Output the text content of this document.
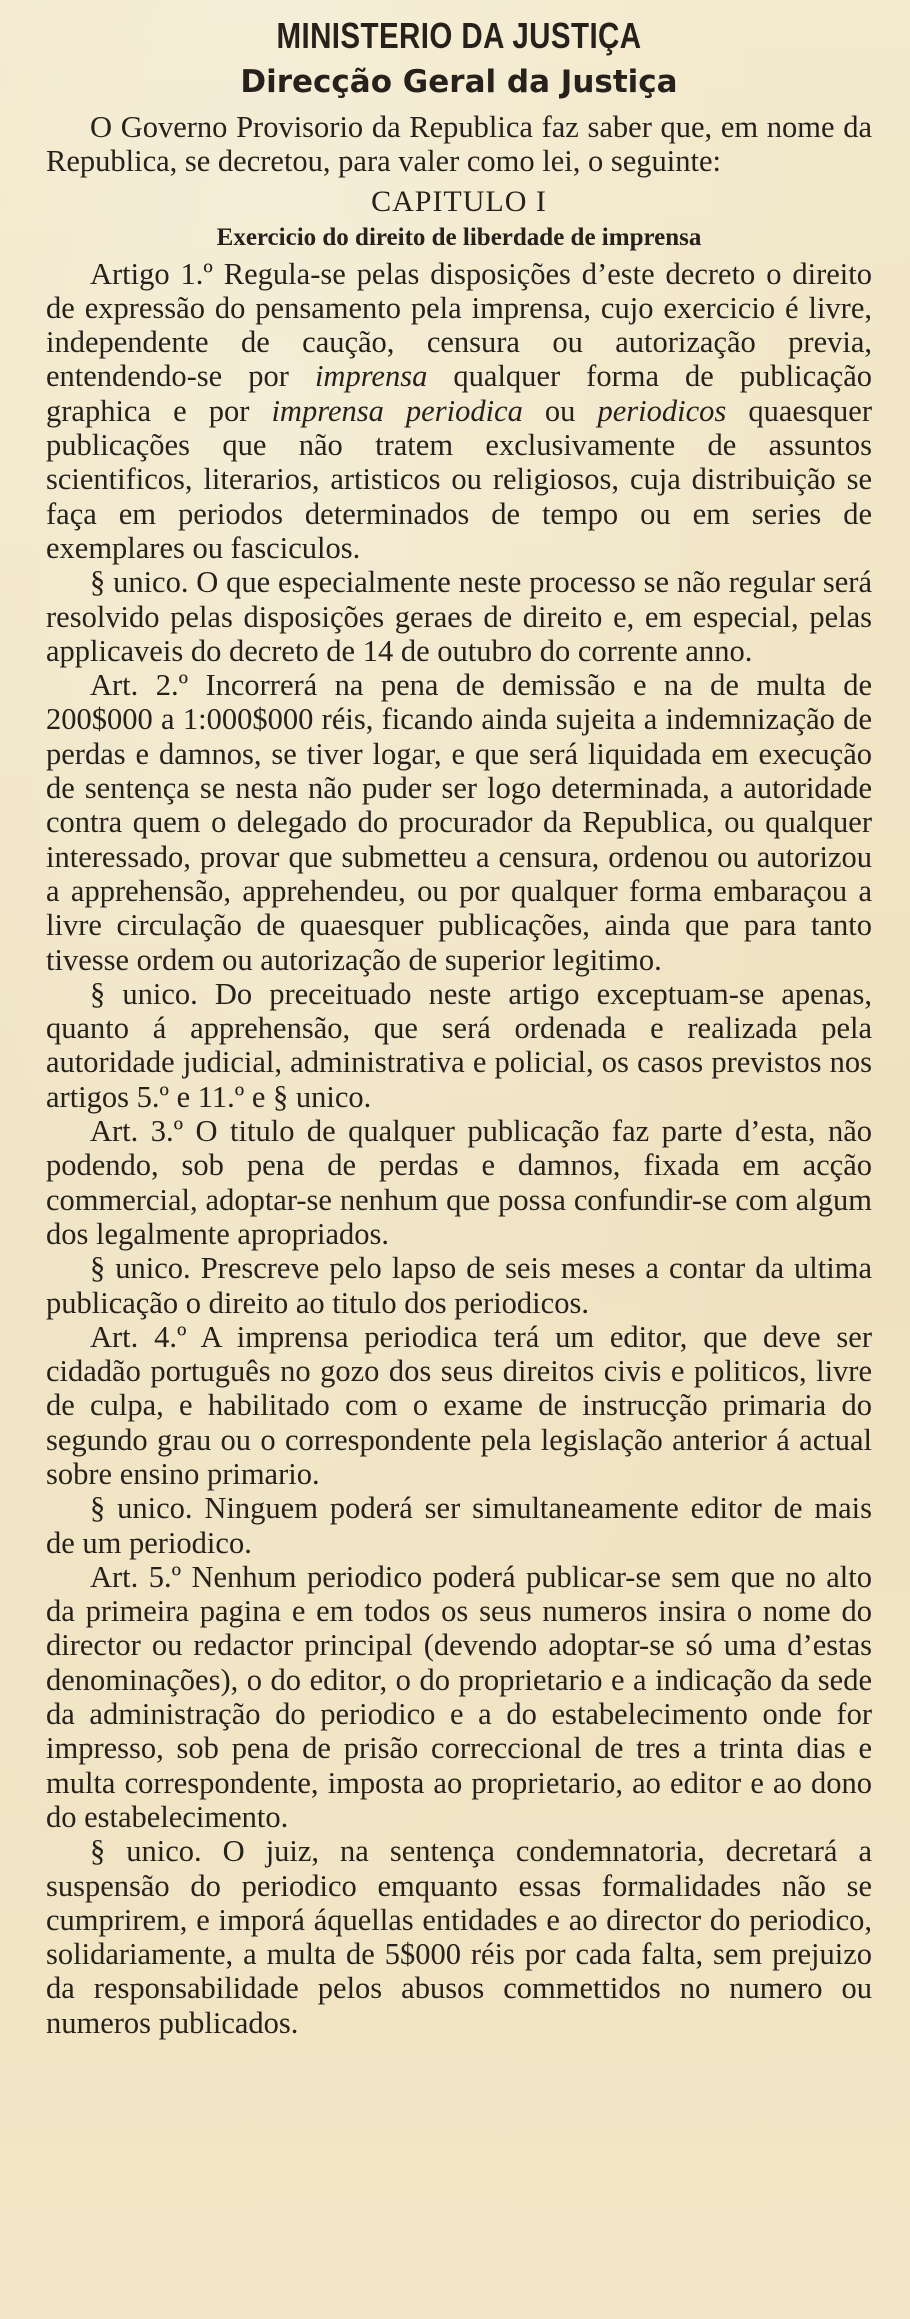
MINISTERIO DA JUSTIÇA
Direcção Geral da Justiça

O Governo Provisorio da Republica faz saber que, em nome da Republica, se decretou, para valer como lei, o seguinte:

CAPITULO I
Exercicio do direito de liberdade de imprensa

Artigo 1.º Regula-se pelas disposições d’este decreto o direito de expressão do pensamento pela imprensa, cujo exercicio é livre, independente de caução, censura ou autorização previa, entendendo-se por imprensa qualquer forma de publicação graphica e por imprensa periodica ou periodicos quaesquer publicações que não tratem exclusivamente de assuntos scientificos, literarios, artisticos ou religiosos, cuja distribuição se faça em periodos determinados de tempo ou em series de exemplares ou fasciculos.

§ unico. O que especialmente neste processo se não regular será resolvido pelas disposições geraes de direito e, em especial, pelas applicaveis do decreto de 14 de outubro do corrente anno.

Art. 2.º Incorrerá na pena de demissão e na de multa de 200$000 a 1:000$000 réis, ficando ainda sujeita a indemnização de perdas e damnos, se tiver logar, e que será liquidada em execução de sentença se nesta não puder ser logo determinada, a autoridade contra quem o delegado do procurador da Republica, ou qualquer interessado, provar que submetteu a censura, ordenou ou autorizou a apprehensão, apprehendeu, ou por qualquer forma embaraçou a livre circulação de quaesquer publicações, ainda que para tanto tivesse ordem ou autorização de superior legitimo.

§ unico. Do preceituado neste artigo exceptuam-se apenas, quanto á apprehensão, que será ordenada e realizada pela autoridade judicial, administrativa e policial, os casos previstos nos artigos 5.º e 11.º e § unico.

Art. 3.º O titulo de qualquer publicação faz parte d’esta, não podendo, sob pena de perdas e damnos, fixada em acção commercial, adoptar-se nenhum que possa confundir-se com algum dos legalmente apropriados.

§ unico. Prescreve pelo lapso de seis meses a contar da ultima publicação o direito ao titulo dos periodicos.

Art. 4.º A imprensa periodica terá um editor, que deve ser cidadão português no gozo dos seus direitos civis e politicos, livre de culpa, e habilitado com o exame de instrucção primaria do segundo grau ou o correspondente pela legislação anterior á actual sobre ensino primario.

§ unico. Ninguem poderá ser simultaneamente editor de mais de um periodico.

Art. 5.º Nenhum periodico poderá publicar-se sem que no alto da primeira pagina e em todos os seus numeros insira o nome do director ou redactor principal (devendo adoptar-se só uma d’estas denominações), o do editor, o do proprietario e a indicação da sede da administração do periodico e a do estabelecimento onde for impresso, sob pena de prisão correccional de tres a trinta dias e multa correspondente, imposta ao proprietario, ao editor e ao dono do estabelecimento.

§ unico. O juiz, na sentença condemnatoria, decretará a suspensão do periodico emquanto essas formalidades não se cumprirem, e imporá áquellas entidades e ao director do periodico, solidariamente, a multa de 5$000 réis por cada falta, sem prejuizo da responsabilidade pelos abusos commettidos no numero ou numeros publicados.
